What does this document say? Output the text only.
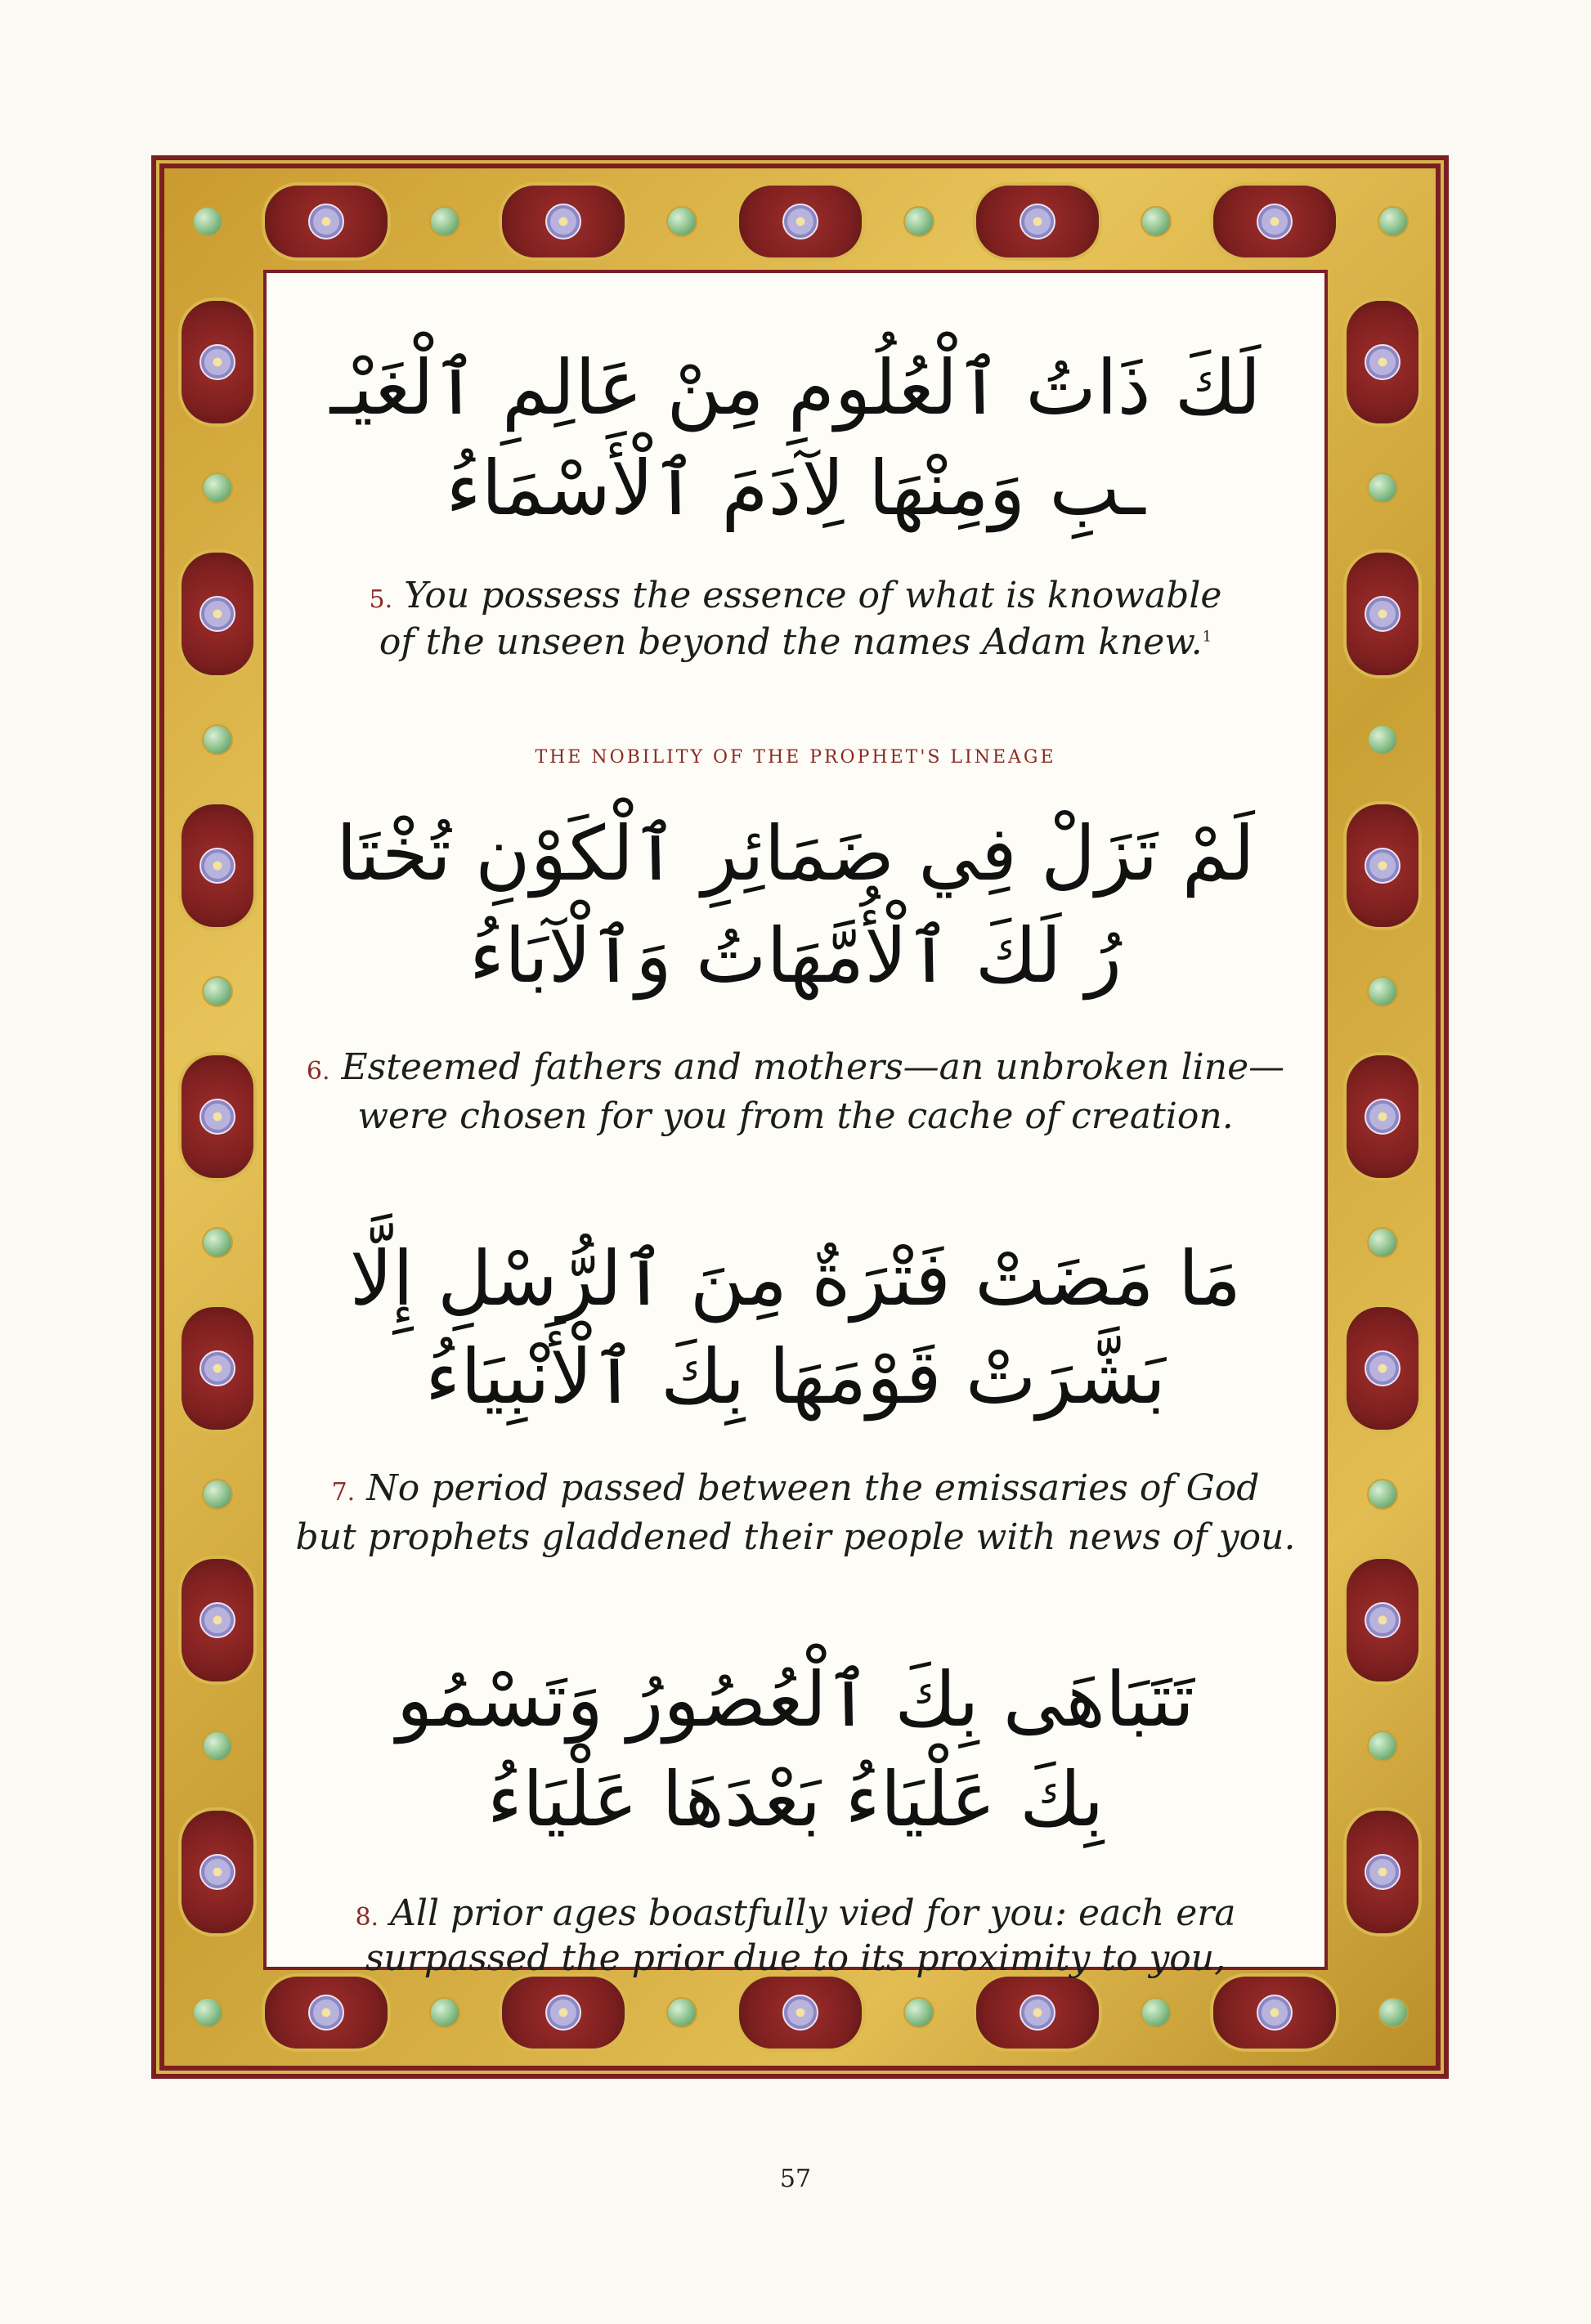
لَكَ ذَاتُ ٱلْعُلُومِ مِنْ عَالِمِ ٱلْغَيْـ
ـبِ وَمِنْهَا لِآدَمَ ٱلْأَسْمَاءُ
5. You possess the essence of what is knowable
of the unseen beyond the names Adam knew.$^1$
THE NOBILITY OF THE PROPHET'S LINEAGE
لَمْ تَزَلْ فِي ضَمَائِرِ ٱلْكَوْنِ تُخْتَا
رُ لَكَ ٱلْأُمَّهَاتُ وَٱلْآبَاءُ
6. Esteemed fathers and mothers—an unbroken line—
were chosen for you from the cache of creation.
مَا مَضَتْ فَتْرَةٌ مِنَ ٱلرُّسْلِ إِلَّا
بَشَّرَتْ قَوْمَهَا بِكَ ٱلْأَنْبِيَاءُ
7. No period passed between the emissaries of God
but prophets gladdened their people with news of you.
تَتَبَاهَى بِكَ ٱلْعُصُورُ وَتَسْمُو
بِكَ عَلْيَاءُ بَعْدَهَا عَلْيَاءُ
8. All prior ages boastfully vied for you: each era
surpassed the prior due to its proximity to you,
57
